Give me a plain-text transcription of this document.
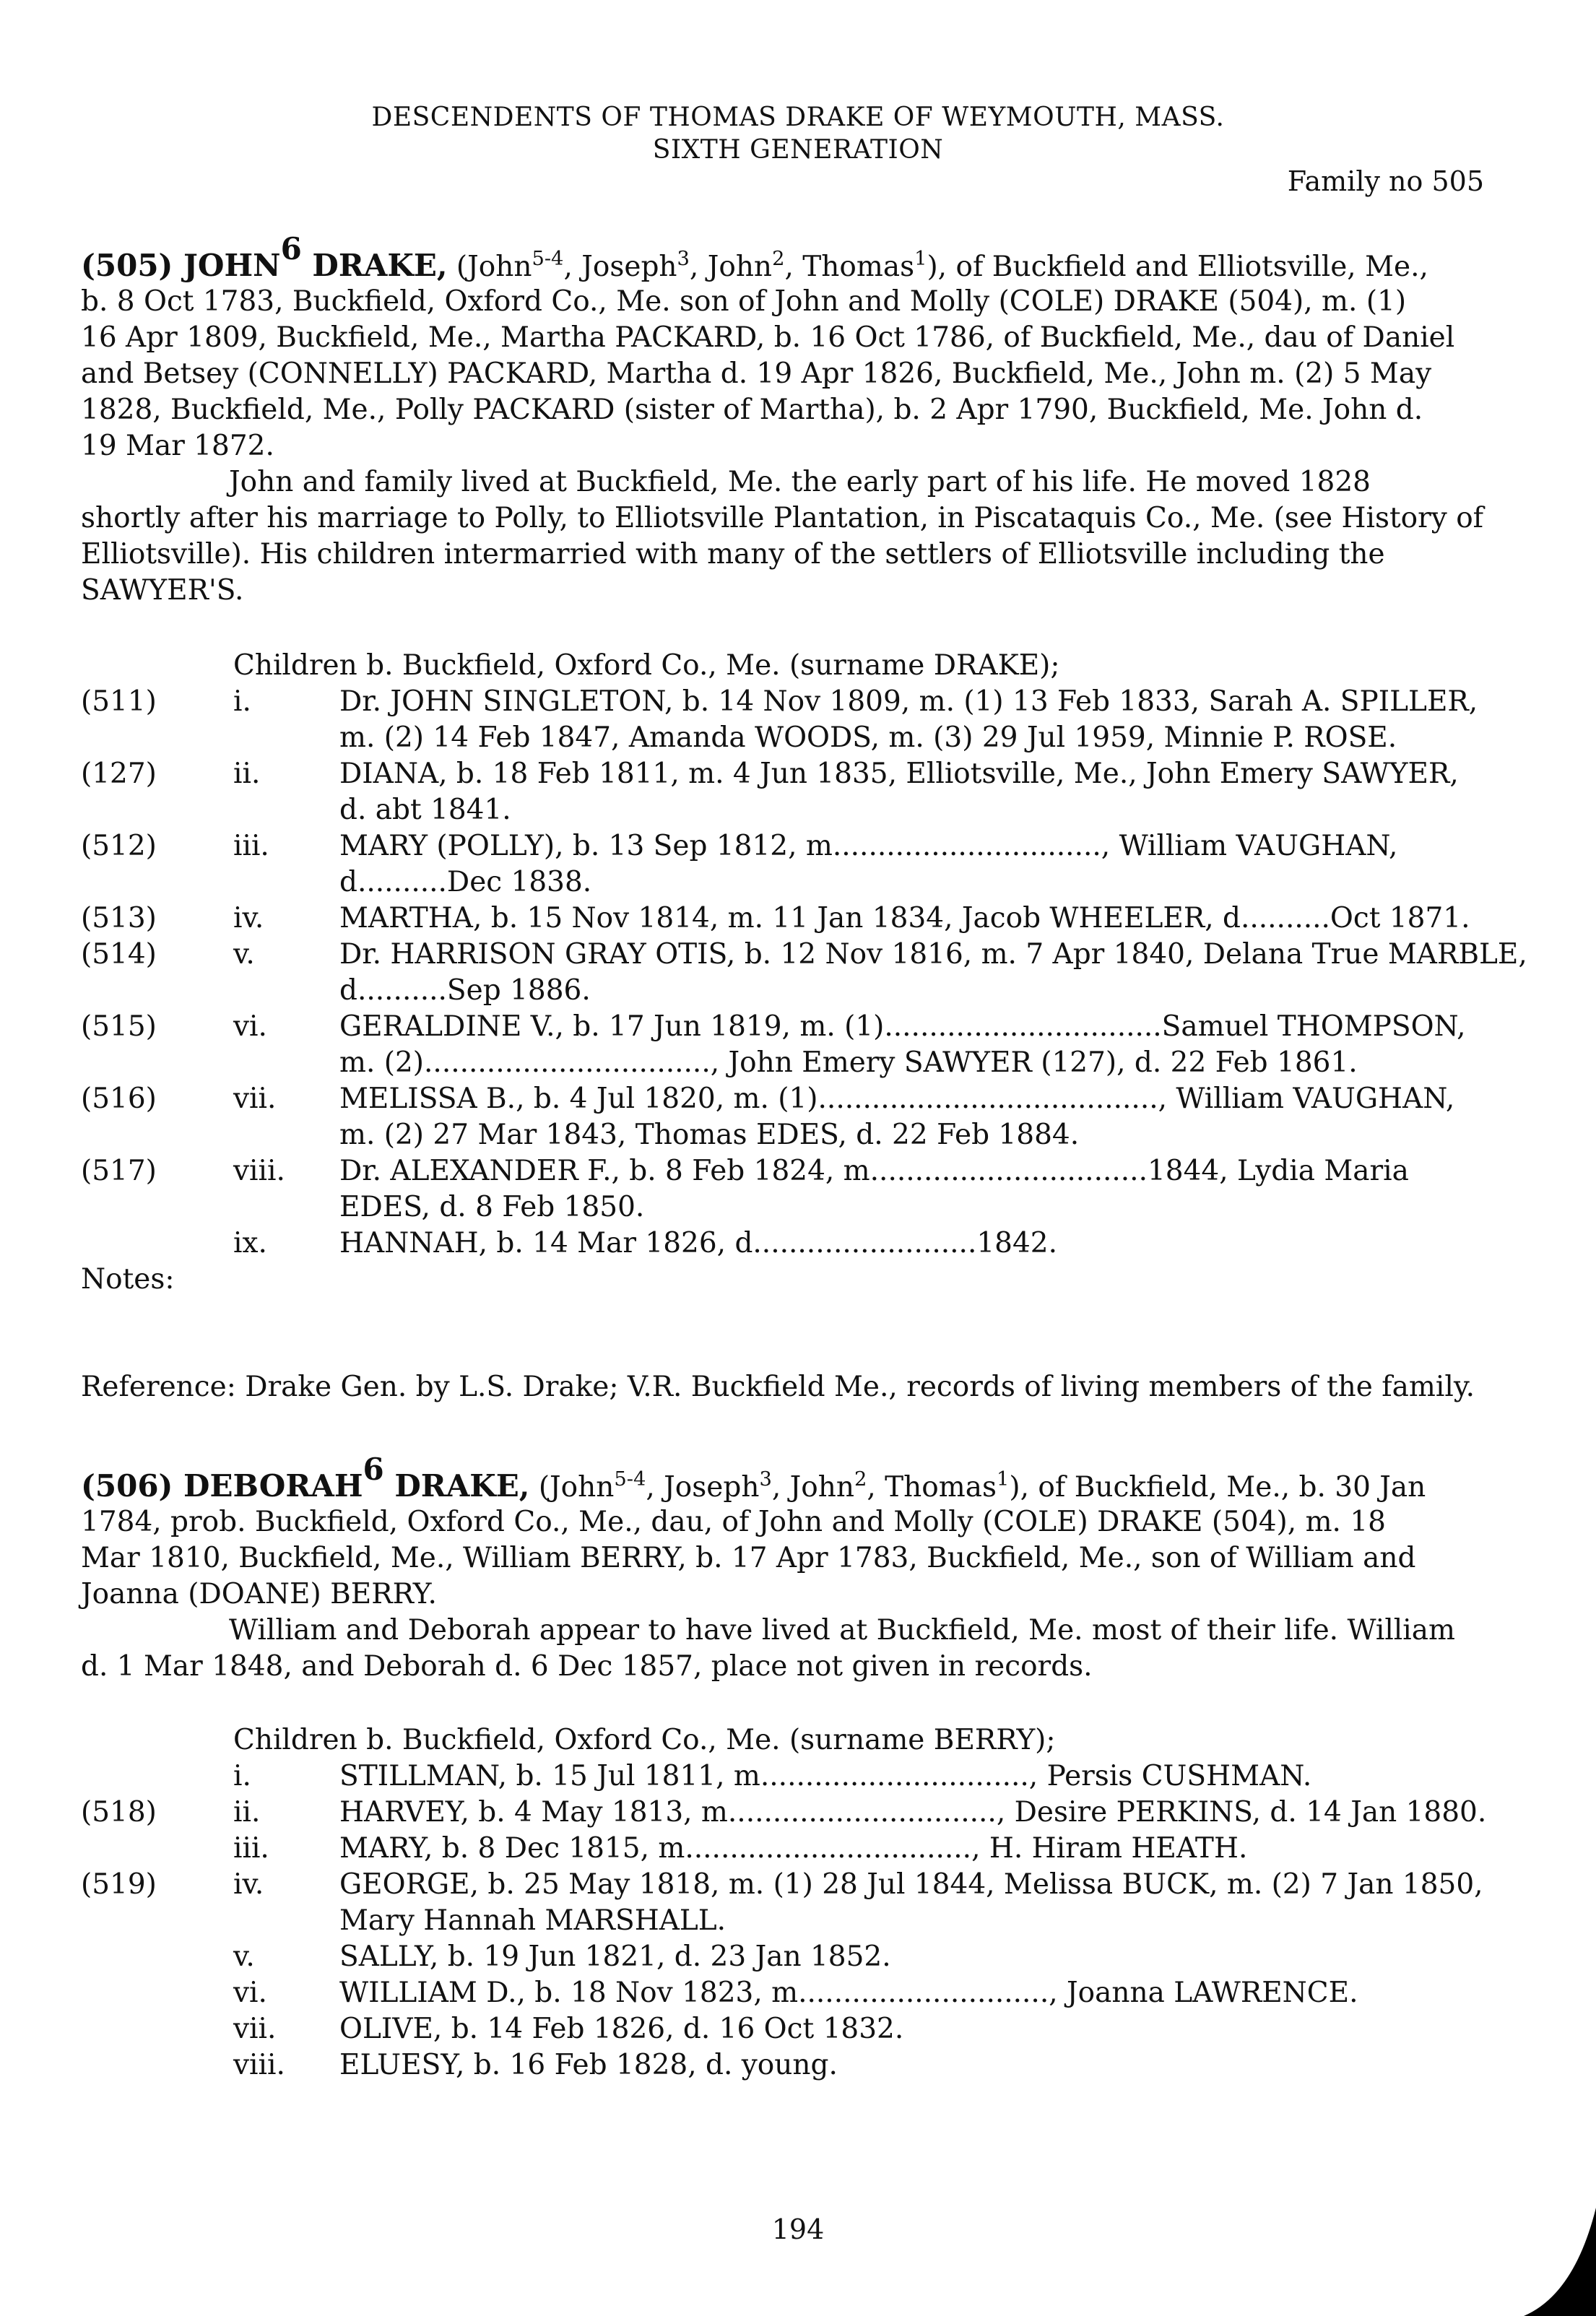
DESCENDENTS OF THOMAS DRAKE OF WEYMOUTH, MASS.
SIXTH GENERATION
Family no 505
(505) JOHN$^6$ DRAKE, (John$^{5-4}$, Joseph$^3$, John$^2$, Thomas$^1$), of Buckfield and Elliotsville, Me.,
b. 8 Oct 1783, Buckfield, Oxford Co., Me. son of John and Molly (COLE) DRAKE (504), m. (1)
16 Apr 1809, Buckfield, Me., Martha PACKARD, b. 16 Oct 1786, of Buckfield, Me., dau of Daniel
and Betsey (CONNELLY) PACKARD, Martha d. 19 Apr 1826, Buckfield, Me., John m. (2) 5 May
1828, Buckfield, Me., Polly PACKARD (sister of Martha), b. 2 Apr 1790, Buckfield, Me. John d.
19 Mar 1872.
John and family lived at Buckfield, Me. the early part of his life. He moved 1828
shortly after his marriage to Polly, to Elliotsville Plantation, in Piscataquis Co., Me. (see History of
Elliotsville). His children intermarried with many of the settlers of Elliotsville including the
SAWYER'S.
Children b. Buckfield, Oxford Co., Me. (surname DRAKE);
(511)	i.	Dr. JOHN SINGLETON, b. 14 Nov 1809, m. (1) 13 Feb 1833, Sarah A. SPILLER,
m. (2) 14 Feb 1847, Amanda WOODS, m. (3) 29 Jul 1959, Minnie P. ROSE.
(127)	ii.	DIANA, b. 18 Feb 1811, m. 4 Jun 1835, Elliotsville, Me., John Emery SAWYER,
d. abt 1841.
(512)	iii. MARY (POLLY), b. 13 Sep 1812, m.............................., William VAUGHAN,
d..........Dec 1838.
(513)	iv.	MARTHA, b. 15 Nov 1814, m. 11 Jan 1834, Jacob WHEELER, d..........Oct 1871.
(514)	v.	Dr. HARRISON GRAY OTIS, b. 12 Nov 1816, m. 7 Apr 1840, Delana True MARBLE,
d..........Sep 1886.
(515)	vi.	GERALDINE V., b. 17 Jun 1819, m. (1)...............................Samuel THOMPSON,
m. (2)................................, John Emery SAWYER (127), d. 22 Feb 1861.
(516)	vii. MELISSA B., b. 4 Jul 1820, m. (1)......................................, William VAUGHAN,
m. (2) 27 Mar 1843, Thomas EDES, d. 22 Feb 1884.
(517)	viii. Dr. ALEXANDER F., b. 8 Feb 1824, m...............................1844, Lydia Maria
EDES, d. 8 Feb 1850.
ix.	HANNAH, b. 14 Mar 1826, d.........................1842.
Notes:
Reference: Drake Gen. by L.S. Drake; V.R. Buckfield Me., records of living members of the family.
(506) DEBORAH$^6$ DRAKE, (John$^{5-4}$, Joseph$^3$, John$^2$, Thomas$^1$), of Buckfield, Me., b. 30 Jan
1784, prob. Buckfield, Oxford Co., Me., dau, of John and Molly (COLE) DRAKE (504), m. 18
Mar 1810, Buckfield, Me., William BERRY, b. 17 Apr 1783, Buckfield, Me., son of William and
Joanna (DOANE) BERRY.
William and Deborah appear to have lived at Buckfield, Me. most of their life. William
d. 1 Mar 1848, and Deborah d. 6 Dec 1857, place not given in records.
Children b. Buckfield, Oxford Co., Me. (surname BERRY);
i.	STILLMAN, b. 15 Jul 1811, m.............................., Persis CUSHMAN.
(518)	ii.	HARVEY, b. 4 May 1813, m.............................., Desire PERKINS, d. 14 Jan 1880.
iii. MARY, b. 8 Dec 1815, m................................, H. Hiram HEATH.
(519)	iv.	GEORGE, b. 25 May 1818, m. (1) 28 Jul 1844, Melissa BUCK, m. (2) 7 Jan 1850,
Mary Hannah MARSHALL.
v.	SALLY, b. 19 Jun 1821, d. 23 Jan 1852.
vi.	WILLIAM D., b. 18 Nov 1823, m............................, Joanna LAWRENCE.
vii. OLIVE, b. 14 Feb 1826, d. 16 Oct 1832.
viii. ELUESY, b. 16 Feb 1828, d. young.
194
